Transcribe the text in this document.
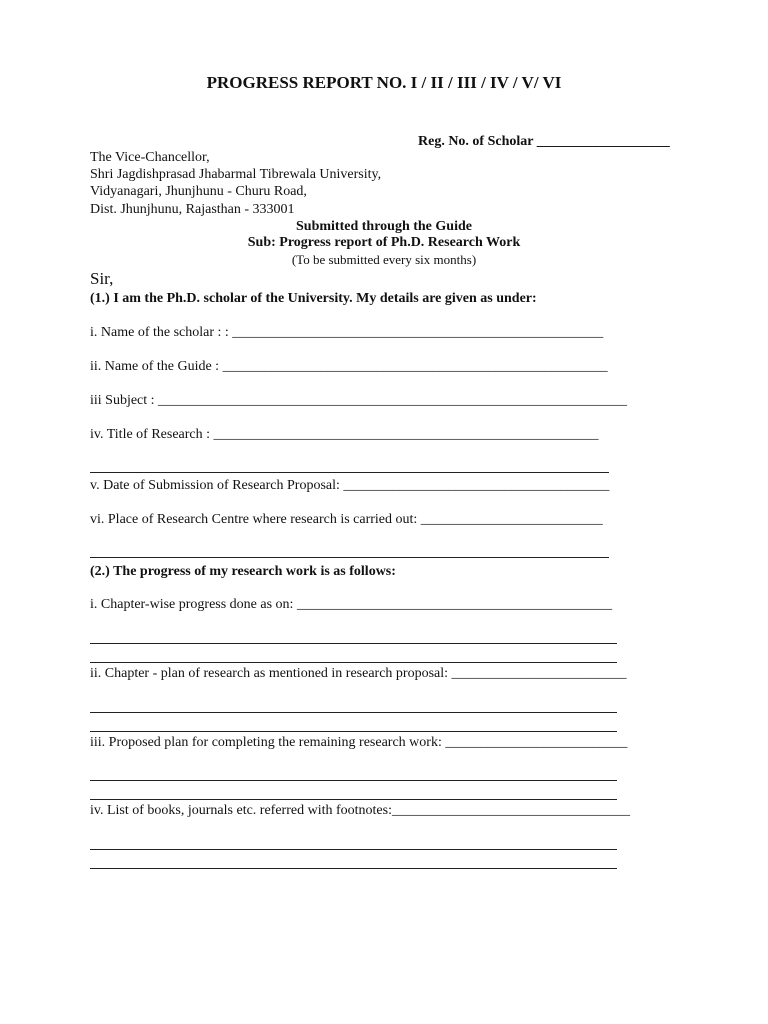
PROGRESS REPORT NO. I / II / III / IV / V/ VI
Reg. No. of Scholar ___________________
The Vice-Chancellor,
Shri Jagdishprasad Jhabarmal Tibrewala University,
Vidyanagari, Jhunjhunu - Churu Road,
Dist. Jhunjhunu, Rajasthan - 333001
Submitted through the Guide
Sub: Progress report of Ph.D. Research Work
(To be submitted every six months)
Sir,
(1.) I am the Ph.D. scholar of the University. My details are given as under:
i. Name of the scholar : : _____________________________________________________
ii. Name of the Guide : _______________________________________________________
iii Subject : ___________________________________________________________________
iv. Title of Research : _______________________________________________________
v. Date of Submission of Research Proposal: ______________________________________
vi. Place of Research Centre where research is carried out: __________________________
(2.) The progress of my research work is as follows:
i. Chapter-wise progress done as on: _____________________________________________
ii. Chapter - plan of research as mentioned in research proposal: _________________________
iii. Proposed plan for completing the remaining research work: __________________________
iv. List of books, journals etc. referred with footnotes:__________________________________
